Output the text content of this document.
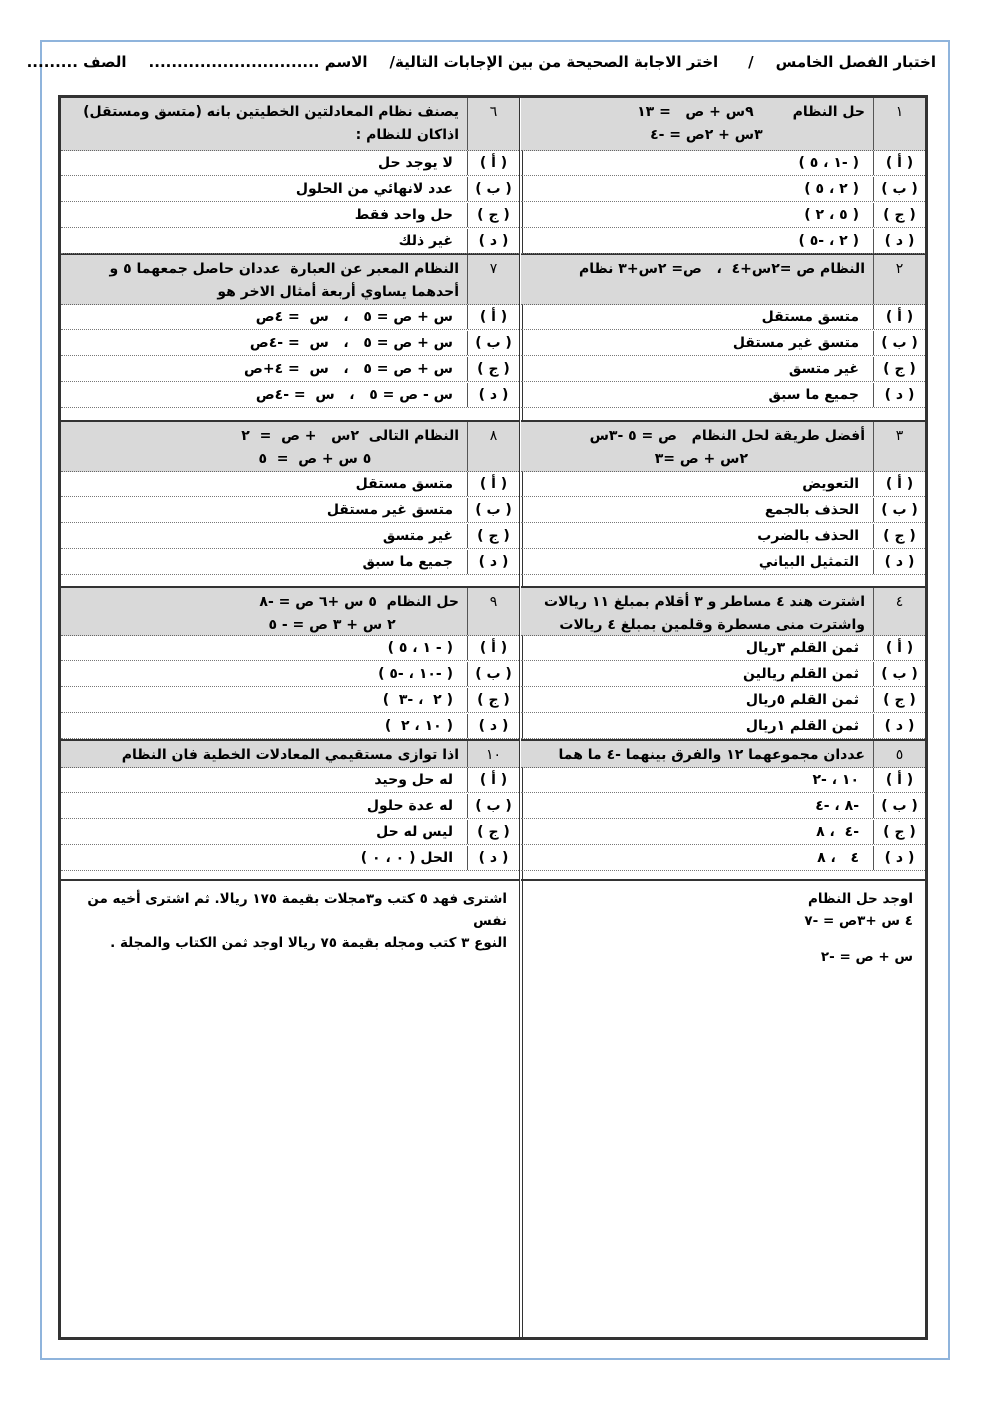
اختبار الفصل الخامس
/
اختر الاجابة الصحيحة من بين الإجابات التالية/
الاسم ..............................
الصف .........
١
حل النظام        ٩س + ص   = ١٣
٣س + ٢ص = -٤
( أ )
( -١ ، ٥ )
( ب )
( ٢ ، ٥ )
( ج )
( ٥ ، ٢ )
( د )
( ٢ ، -٥ )
٢
النظام ص =٢س+٤  ،   ص= ٢س+٣ نظام
( أ )
متسق مستقل
( ب )
متسق غير مستقل
( ج )
غير متسق
( د )
جميع ما سبق
٣
أفضل طريقة لحل النظام   ص = ٥ -٣س
٢س + ص =٣
( أ )
التعويض
( ب )
الحذف بالجمع
( ج )
الحذف بالضرب
( د )
التمثيل البياني
٤
اشترت هند ٤ مساطر و ٣ أقلام بمبلغ ١١ ريالات
واشترت منى مسطرة وقلمين بمبلغ ٤ ريالات
( أ )
ثمن القلم ٣ريال
( ب )
ثمن القلم ريالين
( ج )
ثمن القلم ٥ريال
( د )
ثمن القلم ١ريال
٥
عددان مجموعهما ١٢ والفرق بينهما -٤ ما هما
( أ )
١٠ ، -٢
( ب )
-٨ ، -٤
( ج )
-٤  ، ٨
( د )
٤   ، ٨
اوجد حل النظام
٤ س +٣ص = -٧
س + ص = -٢
٦
يصنف نظام المعادلتين الخطيتين بانه (متسق ومستقل)
اذاكان للنظام :
( أ )
لا يوجد حل
( ب )
عدد لانهائي من الحلول
( ج )
حل واحد فقط
( د )
غير ذلك
٧
النظام المعبر عن العبارة  عددان حاصل جمعهما ٥ و
أحدهما يساوي أربعة أمثال الاخر هو
( أ )
س + ص = ٥   ،   س  = ٤ص
( ب )
س + ص = ٥   ،   س  = -٤ص
( ج )
س + ص = ٥   ،   س  = ٤+ص
( د )
س - ص = ٥   ،   س  = -٤ص
٨
النظام التالى  ٢س   + ص  =  ٢
٥ س + ص  =  ٥
( أ )
متسق مستقل
( ب )
متسق غير مستقل
( ج )
غير متسق
( د )
جميع ما سبق
٩
حل النظام  ٥ س +٦ ص = -٨
٢ س + ٣ ص = - ٥
( أ )
( - ١ ، ٥ )
( ب )
( -١٠ ، -٥ )
( ج )
( ٢  ، -٣  )
( د )
( ١٠ ، ٢  )
١٠
اذا توازى مستقيمي المعادلات الخطية فان النظام
( أ )
له حل وحيد
( ب )
له عدة حلول
( ج )
ليس له حل
( د )
الحل ( ٠ ، ٠ )
اشترى فهد ٥ كتب و٣مجلات بقيمة ١٧٥ ريالا. ثم اشترى أخيه من نفس
النوع ٣ كتب ومجله بقيمة ٧٥ ريالا اوجد ثمن الكتاب والمجلة .
